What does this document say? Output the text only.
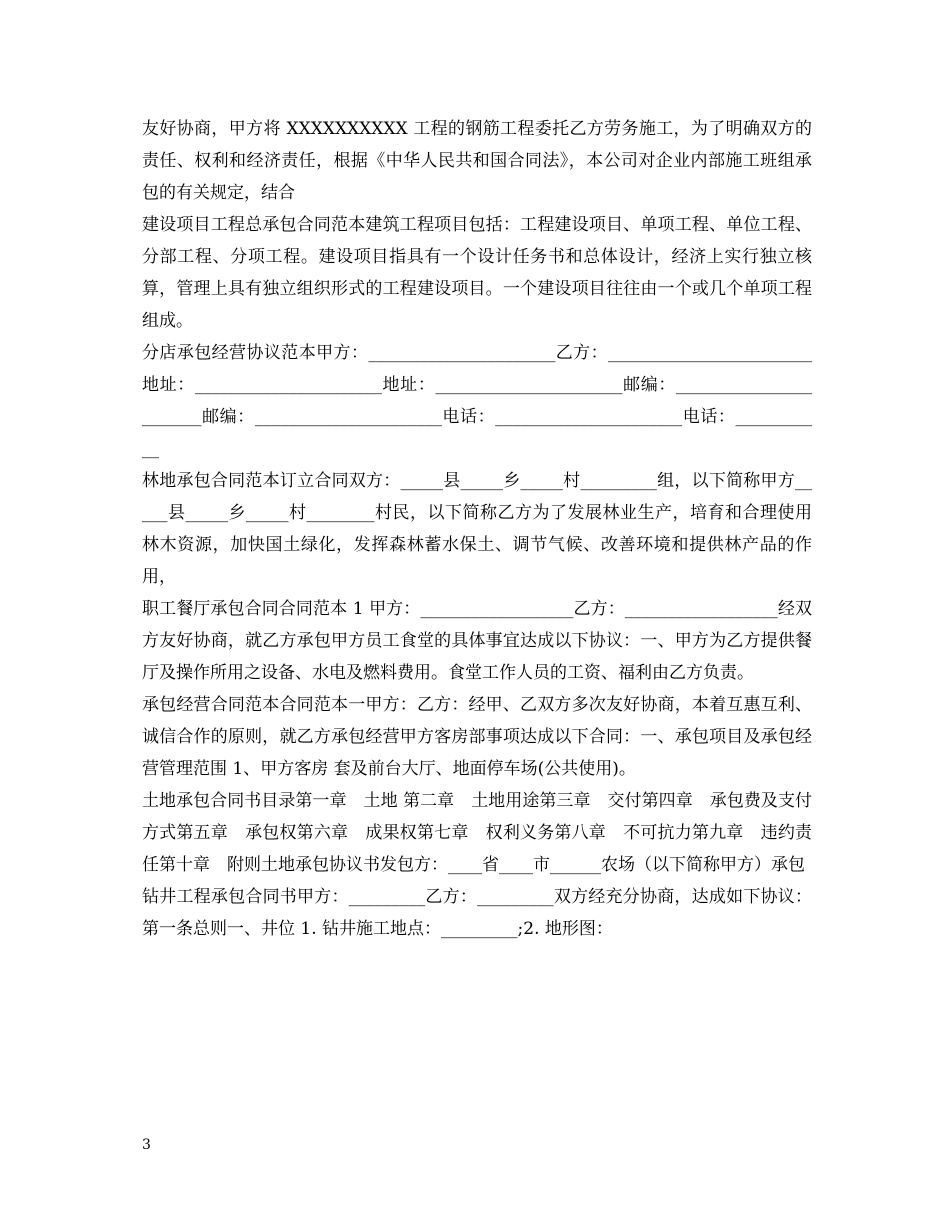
友好协商，甲方将 XXXXXXXXXX 工程的钢筋工程委托乙方劳务施工，为了明确双方的责任、权利和经济责任，根据《中华人民共和国合同法》，本公司对企业内部施工班组承包的有关规定，结合

建设项目工程总承包合同范本建筑工程项目包括：工程建设项目、单项工程、单位工程、分部工程、分项工程。建设项目指具有一个设计任务书和总体设计，经济上实行独立核算，管理上具有独立组织形式的工程建设项目。一个建设项目往往由一个或几个单项工程组成。

分店承包经营协议范本甲方：______________________乙方：________________________地址：______________________地址：______________________邮编：_______________________邮编：______________________电话：______________________电话：___________

林地承包合同范本订立合同双方：_____县_____乡_____村_________组，以下简称甲方_____县_____乡_____村________村民，以下简称乙方为了发展林业生产，培育和合理使用林木资源，加快国土绿化，发挥森林蓄水保土、调节气候、改善环境和提供林产品的作用，

职工餐厅承包合同合同范本 1 甲方：__________________乙方：__________________经双方友好协商，就乙方承包甲方员工食堂的具体事宜达成以下协议：一、甲方为乙方提供餐厅及操作所用之设备、水电及燃料费用。食堂工作人员的工资、福利由乙方负责。

承包经营合同范本合同范本一甲方：乙方：经甲、乙双方多次友好协商，本着互惠互利、诚信合作的原则，就乙方承包经营甲方客房部事项达成以下合同：一、承包项目及承包经营管理范围 1、甲方客房 套及前台大厅、地面停车场(公共使用)。

土地承包合同书目录第一章　土地 第二章　土地用途第三章　交付第四章　承包费及支付方式第五章　承包权第六章　成果权第七章　权利义务第八章　不可抗力第九章　违约责任第十章　附则土地承包协议书发包方：____省____市______农场（以下简称甲方）承包

钻井工程承包合同书甲方：_________乙方：_________双方经充分协商，达成如下协议：第一条总则一、井位 1. 钻井施工地点：_________;2. 地形图：

3
